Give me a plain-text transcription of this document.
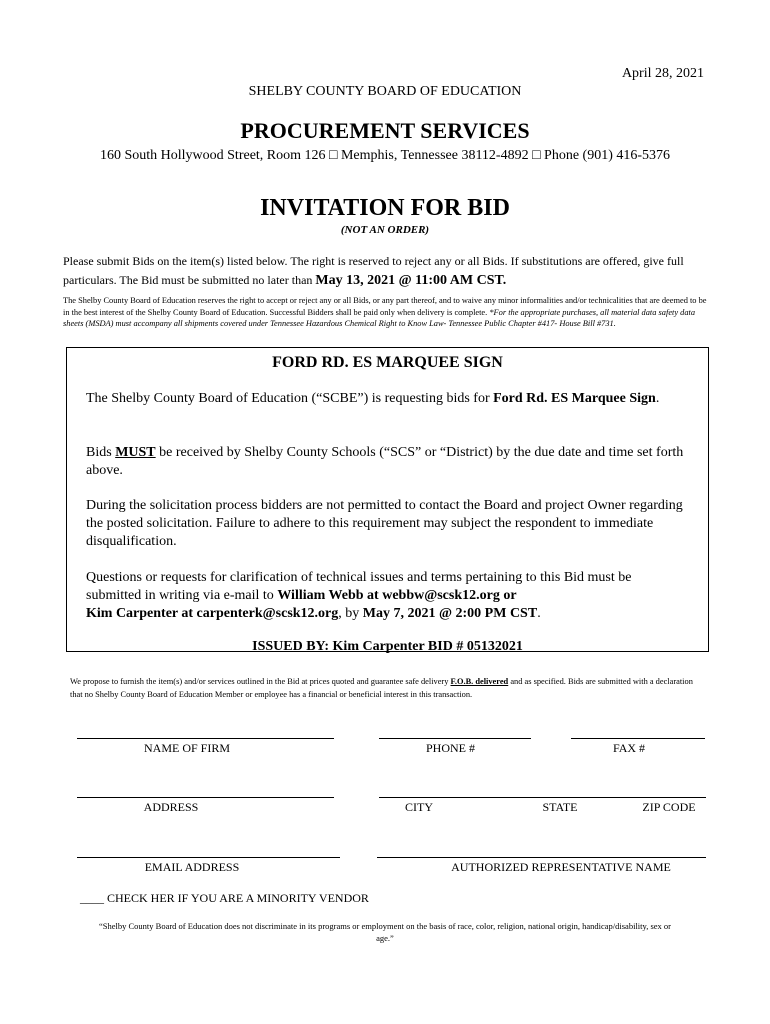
April 28, 2021
SHELBY COUNTY BOARD OF EDUCATION
PROCUREMENT SERVICES
160 South Hollywood Street, Room 126 □ Memphis, Tennessee 38112-4892 □ Phone (901) 416-5376
INVITATION FOR BID
(NOT AN ORDER)
Please submit Bids on the item(s) listed below. The right is reserved to reject any or all Bids. If substitutions are offered, give full particulars. The Bid must be submitted no later than May 13, 2021 @ 11:00 AM CST.
The Shelby County Board of Education reserves the right to accept or reject any or all Bids, or any part thereof, and to waive any minor informalities and/or technicalities that are deemed to be in the best interest of the Shelby County Board of Education. Successful Bidders shall be paid only when delivery is complete. *For the appropriate purchases, all material data safety data sheets (MSDA) must accompany all shipments covered under Tennessee Hazardous Chemical Right to Know Law- Tennessee Public Chapter #417- House Bill #731.
FORD RD. ES MARQUEE SIGN
The Shelby County Board of Education (“SCBE”) is requesting bids for Ford Rd. ES Marquee Sign.
Bids MUST be received by Shelby County Schools (“SCS” or “District) by the due date and time set forth above.
During the solicitation process bidders are not permitted to contact the Board and project Owner regarding the posted solicitation. Failure to adhere to this requirement may subject the respondent to immediate disqualification.
Questions or requests for clarification of technical issues and terms pertaining to this Bid must be submitted in writing via e-mail to William Webb at webbw@scsk12.org or
Kim Carpenter at carpenterk@scsk12.org, by May 7, 2021 @ 2:00 PM CST.
ISSUED BY: Kim Carpenter BID # 05132021
We propose to furnish the item(s) and/or services outlined in the Bid at prices quoted and guarantee safe delivery F.O.B. delivered and as specified. Bids are submitted with a declaration that no Shelby County Board of Education Member or employee has a financial or beneficial interest in this transaction.
NAME OF FIRM	PHONE #	FAX #
ADDRESS	CITY	STATE	ZIP CODE
EMAIL ADDRESS	AUTHORIZED REPRESENTATIVE NAME
____ CHECK HER IF YOU ARE A MINORITY VENDOR
“Shelby County Board of Education does not discriminate in its programs or employment on the basis of race, color, religion, national origin, handicap/disability, sex or age.”
